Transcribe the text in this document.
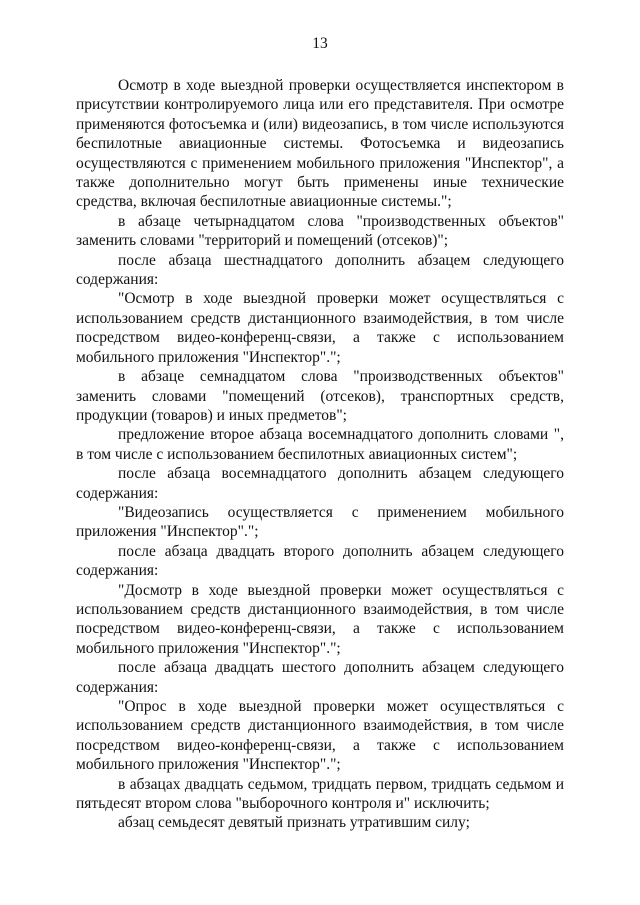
13

Осмотр в ходе выездной проверки осуществляется инспектором в присутствии контролируемого лица или его представителя. При осмотре применяются фотосъемка и (или) видеозапись, в том числе используются беспилотные авиационные системы. Фотосъемка и видеозапись осуществляются с применением мобильного приложения "Инспектор", а также дополнительно могут быть применены иные технические средства, включая беспилотные авиационные системы.";

в абзаце четырнадцатом слова "производственных объектов" заменить словами "территорий и помещений (отсеков)";

после абзаца шестнадцатого дополнить абзацем следующего содержания:

"Осмотр в ходе выездной проверки может осуществляться с использованием средств дистанционного взаимодействия, в том числе посредством видео-конференц-связи, а также с использованием мобильного приложения "Инспектор".";

в абзаце семнадцатом слова "производственных объектов" заменить словами "помещений (отсеков), транспортных средств, продукции (товаров) и иных предметов";

предложение второе абзаца восемнадцатого дополнить словами ", в том числе с использованием беспилотных авиационных систем";

после абзаца восемнадцатого дополнить абзацем следующего содержания:

"Видеозапись осуществляется с применением мобильного приложения "Инспектор".";

после абзаца двадцать второго дополнить абзацем следующего содержания:

"Досмотр в ходе выездной проверки может осуществляться с использованием средств дистанционного взаимодействия, в том числе посредством видео-конференц-связи, а также с использованием мобильного приложения "Инспектор".";

после абзаца двадцать шестого дополнить абзацем следующего содержания:

"Опрос в ходе выездной проверки может осуществляться с использованием средств дистанционного взаимодействия, в том числе посредством видео-конференц-связи, а также с использованием мобильного приложения "Инспектор".";

в абзацах двадцать седьмом, тридцать первом, тридцать седьмом и пятьдесят втором слова "выборочного контроля и" исключить;

абзац семьдесят девятый признать утратившим силу;
